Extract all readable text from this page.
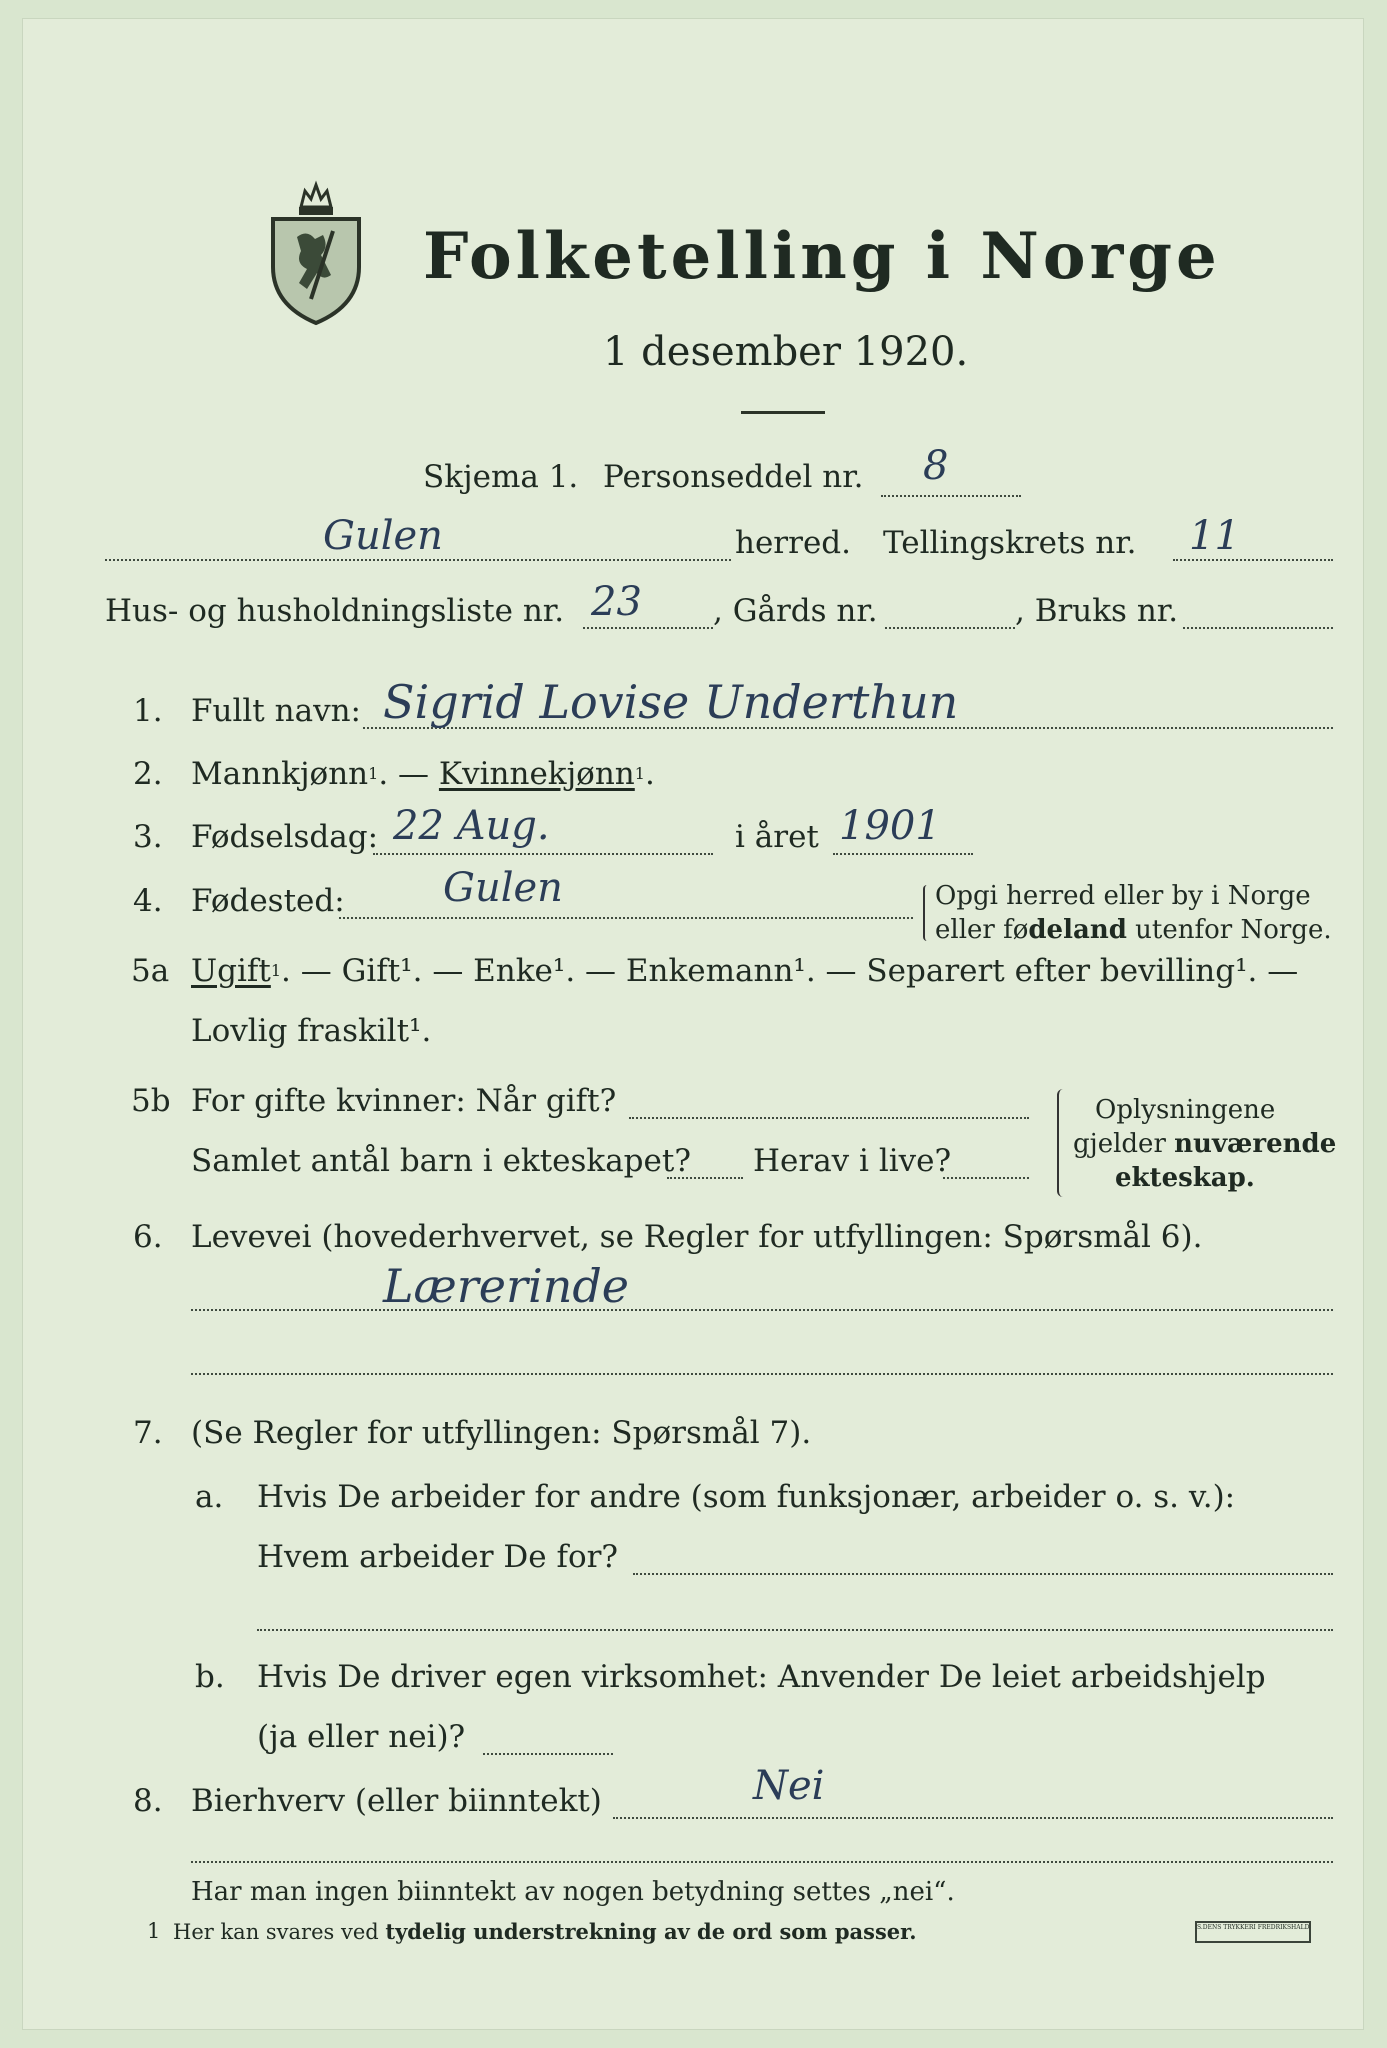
Folketelling i Norge
1 desember 1920.
Skjema 1. Personseddel nr. 8
Gulen	herred. Tellingskrets nr. 11
Hus- og husholdningsliste nr. 23 , Gårds nr.	, Bruks nr.
1. Fullt navn: Sigrid Lovise Underthun
2. Mannkjønn$^1$. — Kvinnekjønn$^1$.
3. Fødselsdag: 22 Aug.	i året 1901
4. Fødested: Gulen	Opgi herred eller by i Norge
eller fødeland utenfor Norge.
5a Ugift$^1$. — Gift¹. — Enke¹. — Enkemann¹. — Separert efter bevilling¹. —
Lovlig fraskilt¹.
5b For gifte kvinner: Når gift?
Samlet antål barn i ekteskapet? Herav i live?
Oplysningene
gjelder nuværende
ekteskap.
6. Levevei (hovederhvervet, se Regler for utfyllingen: Spørsmål 6).
Lærerinde
7. (Se Regler for utfyllingen: Spørsmål 7).
a. Hvis De arbeider for andre (som funksjonær, arbeider o. s. v.):
Hvem arbeider De for?
b. Hvis De driver egen virksomhet: Anvender De leiet arbeidshjelp
(ja eller nei)?
8. Bierhverv (eller biinntekt)	Nei
Har man ingen biinntekt av nogen betydning settes „nei“.
1 Her kan svares ved tydelig understrekning av de ord som passer.	S.DENS TRYKKERI FREDRIKSHALD
